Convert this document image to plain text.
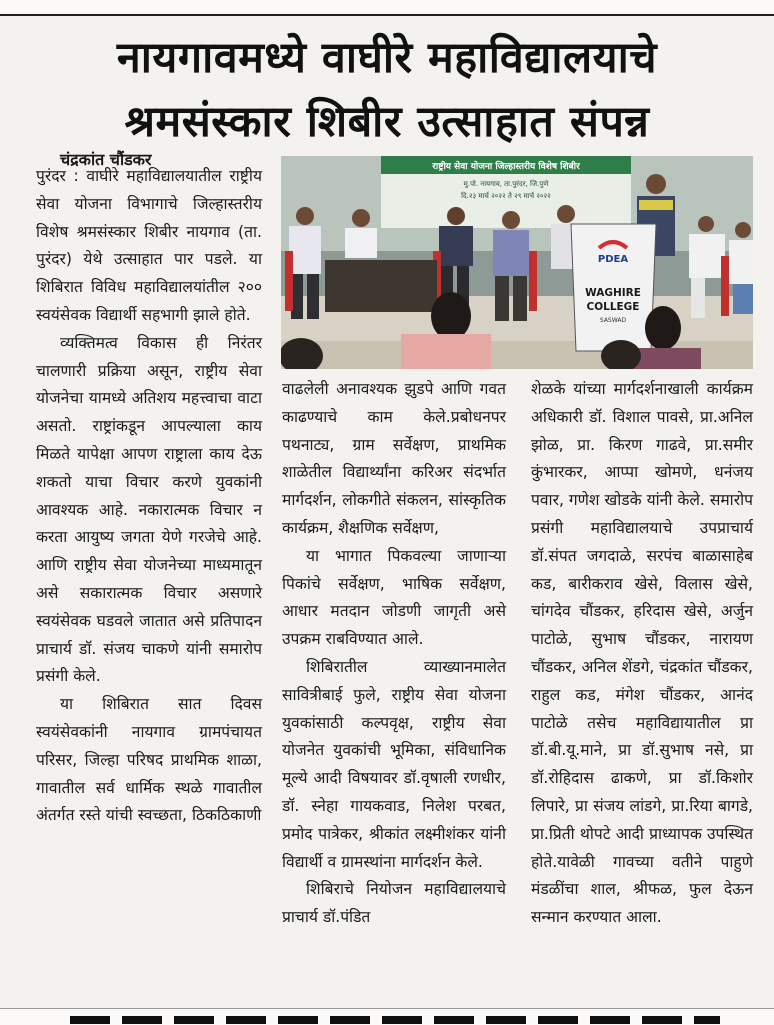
नायगावमध्ये वाघीरे महाविद्यालयाचे
श्रमसंस्कार शिबीर उत्साहात संपन्न
चंद्रकांत चौंडकर

पुरंदर : वाघीरे महाविद्यालयातील राष्ट्रीय सेवा योजना विभागाचे जिल्हास्तरीय विशेष श्रमसंस्कार शिबीर नायगाव (ता. पुरंदर) येथे उत्साहात पार पडले. या शिबिरात विविध महाविद्यालयांतील २०० स्वयंसेवक विद्यार्थी सहभागी झाले होते.

व्यक्तिमत्व विकास ही निरंतर चालणारी प्रक्रिया असून, राष्ट्रीय सेवा योजनेचा यामध्ये अतिशय महत्त्वाचा वाटा असतो. राष्ट्रांकडून आपल्याला काय मिळते यापेक्षा आपण राष्ट्राला काय देऊ शकतो याचा विचार करणे युवकांनी आवश्यक आहे. नकारात्मक विचार न करता आयुष्य जगता येणे गरजेचे आहे. आणि राष्ट्रीय सेवा योजनेच्या माध्यमातून असे सकारात्मक विचार असणारे स्वयंसेवक घडवले जातात असे प्रतिपादन प्राचार्य डॉ. संजय चाकणे यांनी समारोप प्रसंगी केले.

या शिबिरात सात दिवस स्वयंसेवकांनी नायगाव ग्रामपंचायत परिसर, जिल्हा परिषद प्राथमिक शाळा, गावातील सर्व धार्मिक स्थळे गावातील अंतर्गत रस्ते यांची स्वच्छता, ठिकठिकाणी

राष्ट्रीय सेवा योजना जिल्हास्तरीय विशेष शिबीर
मु.पो. नायगाव, ता.पुरंदर, जि.पुणे
दि.२३ मार्च २०२२ ते २९ मार्च २०२२
PDEA
WAGHIRE
COLLEGE
SASWAD

वाढलेली अनावश्यक झुडपे आणि गवत काढण्याचे काम केले.प्रबोधनपर पथनाट्य, ग्राम सर्वेक्षण, प्राथमिक शाळेतील विद्यार्थ्यांना करिअर संदर्भात मार्गदर्शन, लोकगीते संकलन, सांस्कृतिक कार्यक्रम, शैक्षणिक सर्वेक्षण,

या भागात पिकवल्या जाणाऱ्या पिकांचे सर्वेक्षण, भाषिक सर्वेक्षण, आधार मतदान जोडणी जागृती असे उपक्रम राबविण्यात आले.

शिबिरातील व्याख्यानमालेत सावित्रीबाई फुले, राष्ट्रीय सेवा योजना युवकांसाठी कल्पवृक्ष, राष्ट्रीय सेवा योजनेत युवकांची भूमिका, संविधानिक मूल्ये आदी विषयावर डॉ.वृषाली रणधीर, डॉ. स्नेहा गायकवाड, निलेश परबत, प्रमोद पात्रेकर, श्रीकांत लक्ष्मीशंकर यांनी विद्यार्थी व ग्रामस्थांना मार्गदर्शन केले.

शिबिराचे नियोजन महाविद्यालयाचे प्राचार्य डॉ.पंडित

शेळके यांच्या मार्गदर्शनाखाली कार्यक्रम अधिकारी डॉ. विशाल पावसे, प्रा.अनिल झोळ, प्रा. किरण गाढवे, प्रा.समीर कुंभारकर, आप्पा खोमणे, धनंजय पवार, गणेश खोडके यांनी केले. समारोप प्रसंगी महाविद्यालयाचे उपप्राचार्य डॉ.संपत जगदाळे, सरपंच बाळासाहेब कड, बारीकराव खेसे, विलास खेसे, चांगदेव चौंडकर, हरिदास खेसे, अर्जुन पाटोळे, सुभाष चौंडकर, नारायण चौंडकर, अनिल शेंडगे, चंद्रकांत चौंडकर, राहुल कड, मंगेश चौंडकर, आनंद पाटोळे तसेच महाविद्यायातील प्रा डॉ.बी.यू.माने, प्रा डॉ.सुभाष नसे, प्रा डॉ.रोहिदास ढाकणे, प्रा डॉ.किशोर लिपारे, प्रा संजय लांडगे, प्रा.रिया बागडे, प्रा.प्रिती थोपटे आदी प्राध्यापक उपस्थित होते.यावेळी गावच्या वतीने पाहुणे मंडळींचा शाल, श्रीफळ, फुल देऊन सन्मान करण्यात आला.
